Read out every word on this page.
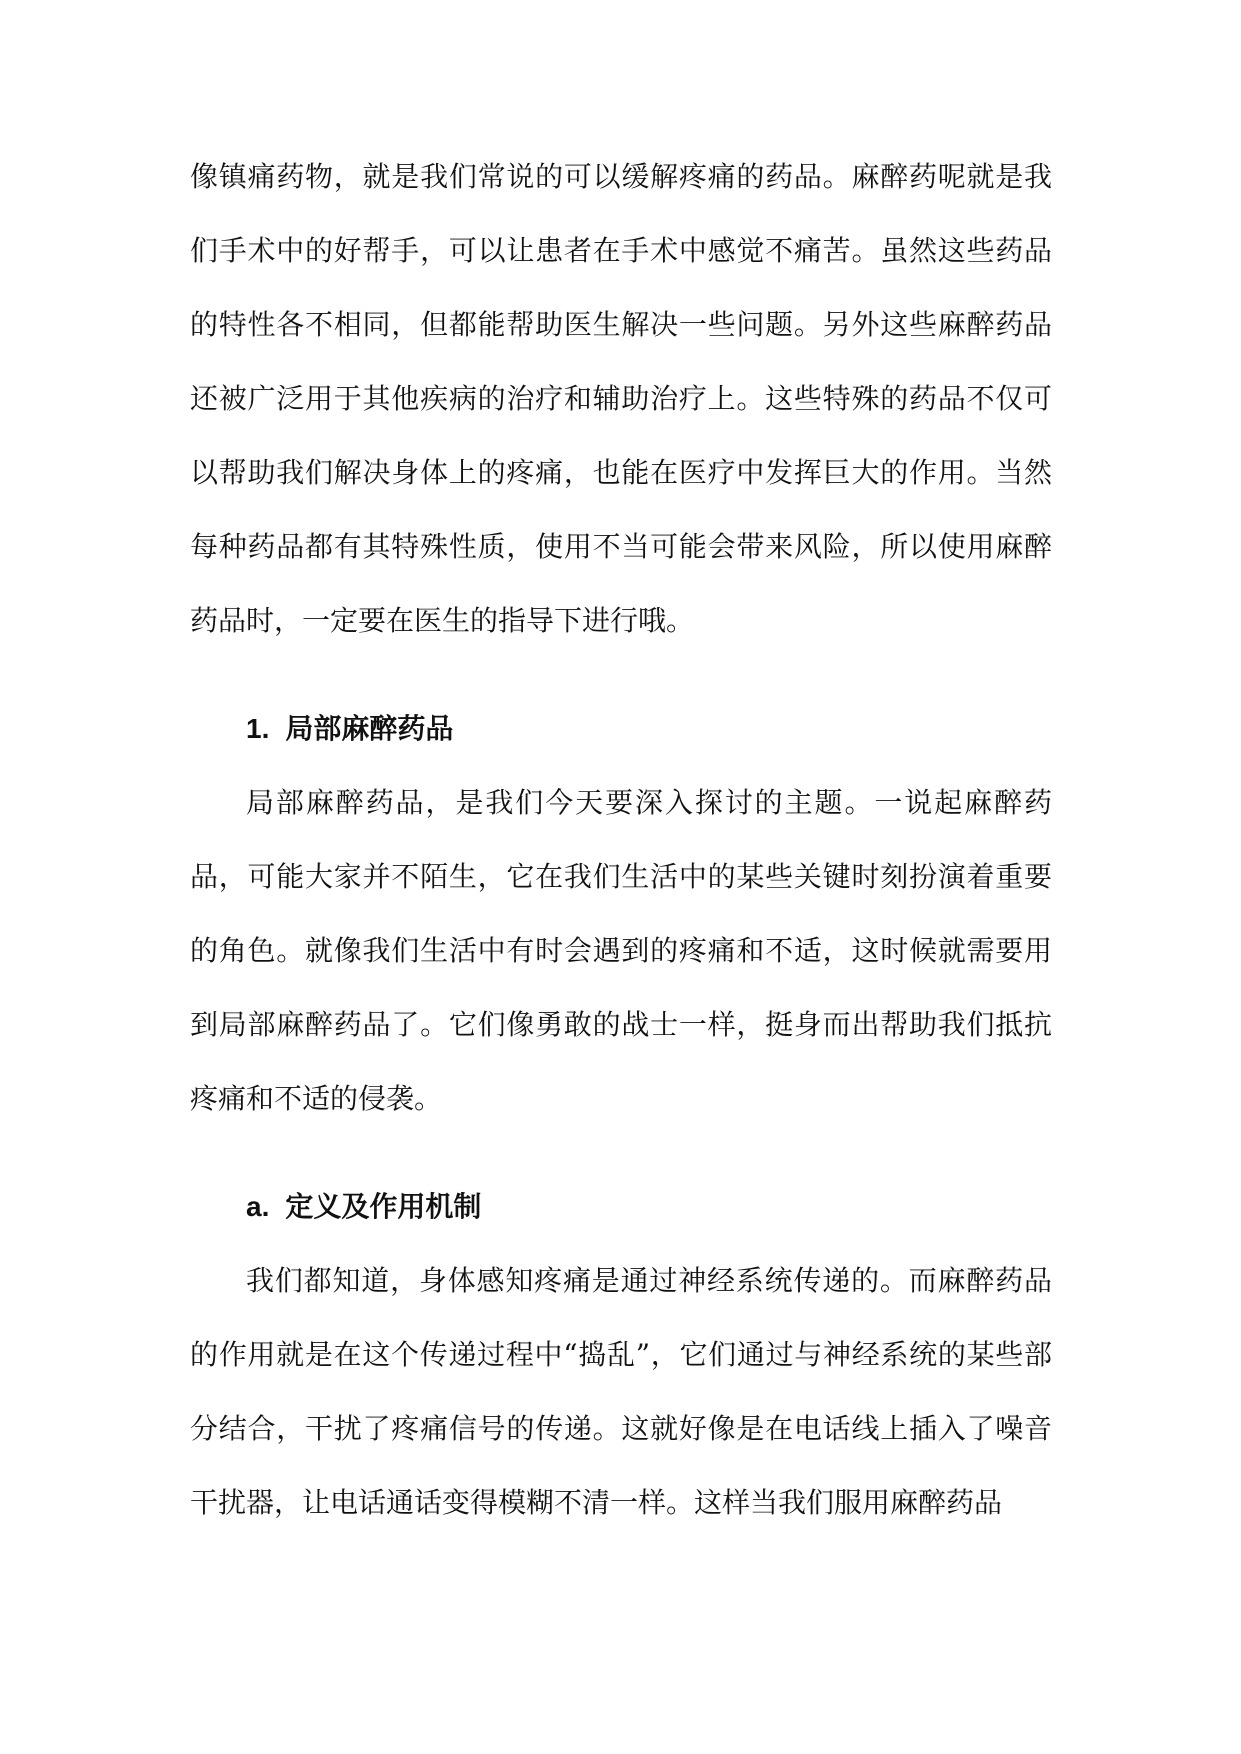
像镇痛药物，就是我们常说的可以缓解疼痛的药品。麻醉药呢就是我们手术中的好帮手，可以让患者在手术中感觉不痛苦。虽然这些药品的特性各不相同，但都能帮助医生解决一些问题。另外这些麻醉药品还被广泛用于其他疾病的治疗和辅助治疗上。这些特殊的药品不仅可以帮助我们解决身体上的疼痛，也能在医疗中发挥巨大的作用。当然每种药品都有其特殊性质，使用不当可能会带来风险，所以使用麻醉药品时，一定要在医生的指导下进行哦。

1. 局部麻醉药品

局部麻醉药品，是我们今天要深入探讨的主题。一说起麻醉药品，可能大家并不陌生，它在我们生活中的某些关键时刻扮演着重要的角色。就像我们生活中有时会遇到的疼痛和不适，这时候就需要用到局部麻醉药品了。它们像勇敢的战士一样，挺身而出帮助我们抵抗疼痛和不适的侵袭。

a. 定义及作用机制

我们都知道，身体感知疼痛是通过神经系统传递的。而麻醉药品的作用就是在这个传递过程中“捣乱”，它们通过与神经系统的某些部分结合，干扰了疼痛信号的传递。这就好像是在电话线上插入了噪音干扰器，让电话通话变得模糊不清一样。这样当我们服用麻醉药品
